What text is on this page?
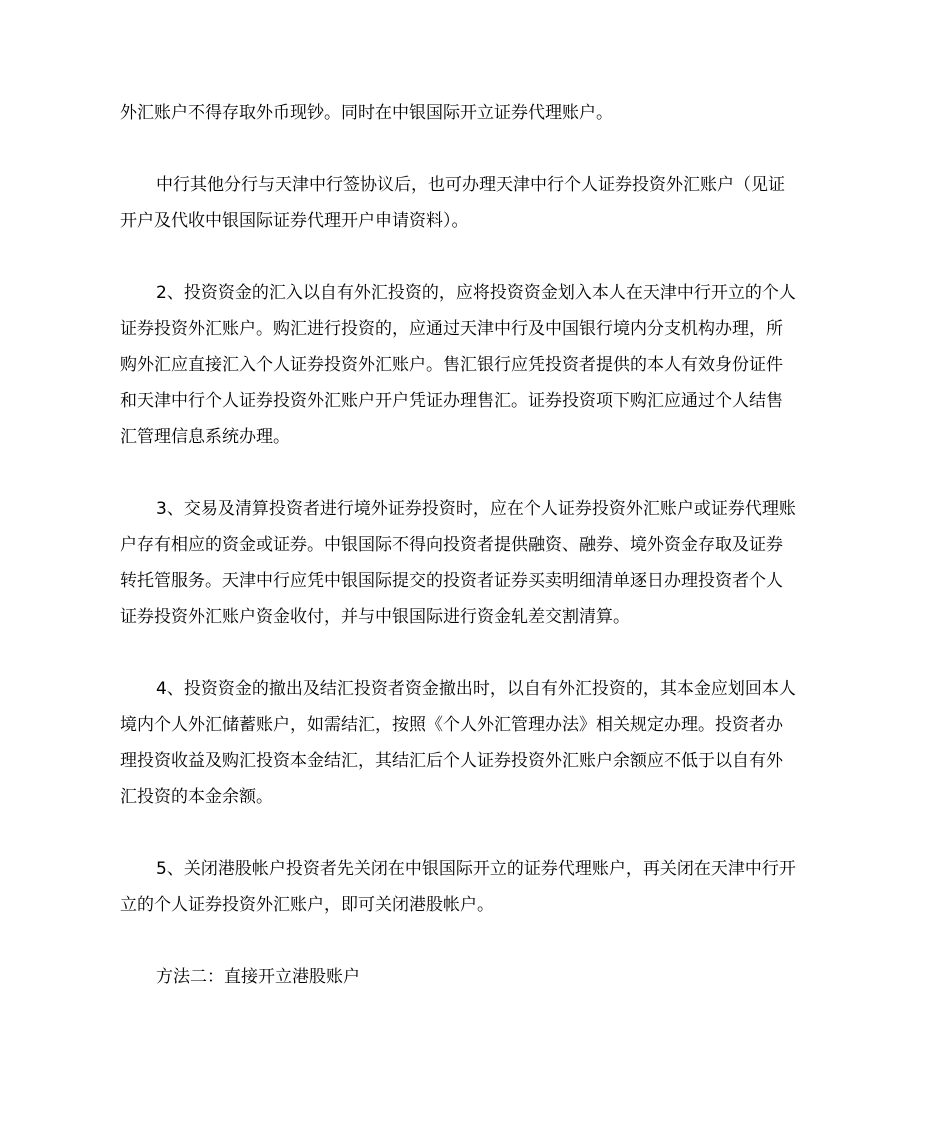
外汇账户不得存取外币现钞。同时在中银国际开立证券代理账户。

中行其他分行与天津中行签协议后，也可办理天津中行个人证券投资外汇账户（见证
开户及代收中银国际证券代理开户申请资料）。

2、投资资金的汇入以自有外汇投资的，应将投资资金划入本人在天津中行开立的个人
证券投资外汇账户。购汇进行投资的，应通过天津中行及中国银行境内分支机构办理，所
购外汇应直接汇入个人证券投资外汇账户。售汇银行应凭投资者提供的本人有效身份证件
和天津中行个人证券投资外汇账户开户凭证办理售汇。证券投资项下购汇应通过个人结售
汇管理信息系统办理。

3、交易及清算投资者进行境外证券投资时，应在个人证券投资外汇账户或证券代理账
户存有相应的资金或证券。中银国际不得向投资者提供融资、融券、境外资金存取及证券
转托管服务。天津中行应凭中银国际提交的投资者证券买卖明细清单逐日办理投资者个人
证券投资外汇账户资金收付，并与中银国际进行资金轧差交割清算。

4、投资资金的撤出及结汇投资者资金撤出时，以自有外汇投资的，其本金应划回本人
境内个人外汇储蓄账户，如需结汇，按照《个人外汇管理办法》相关规定办理。投资者办
理投资收益及购汇投资本金结汇，其结汇后个人证券投资外汇账户余额应不低于以自有外
汇投资的本金余额。

5、关闭港股帐户投资者先关闭在中银国际开立的证券代理账户，再关闭在天津中行开
立的个人证券投资外汇账户，即可关闭港股帐户。

方法二：直接开立港股账户
